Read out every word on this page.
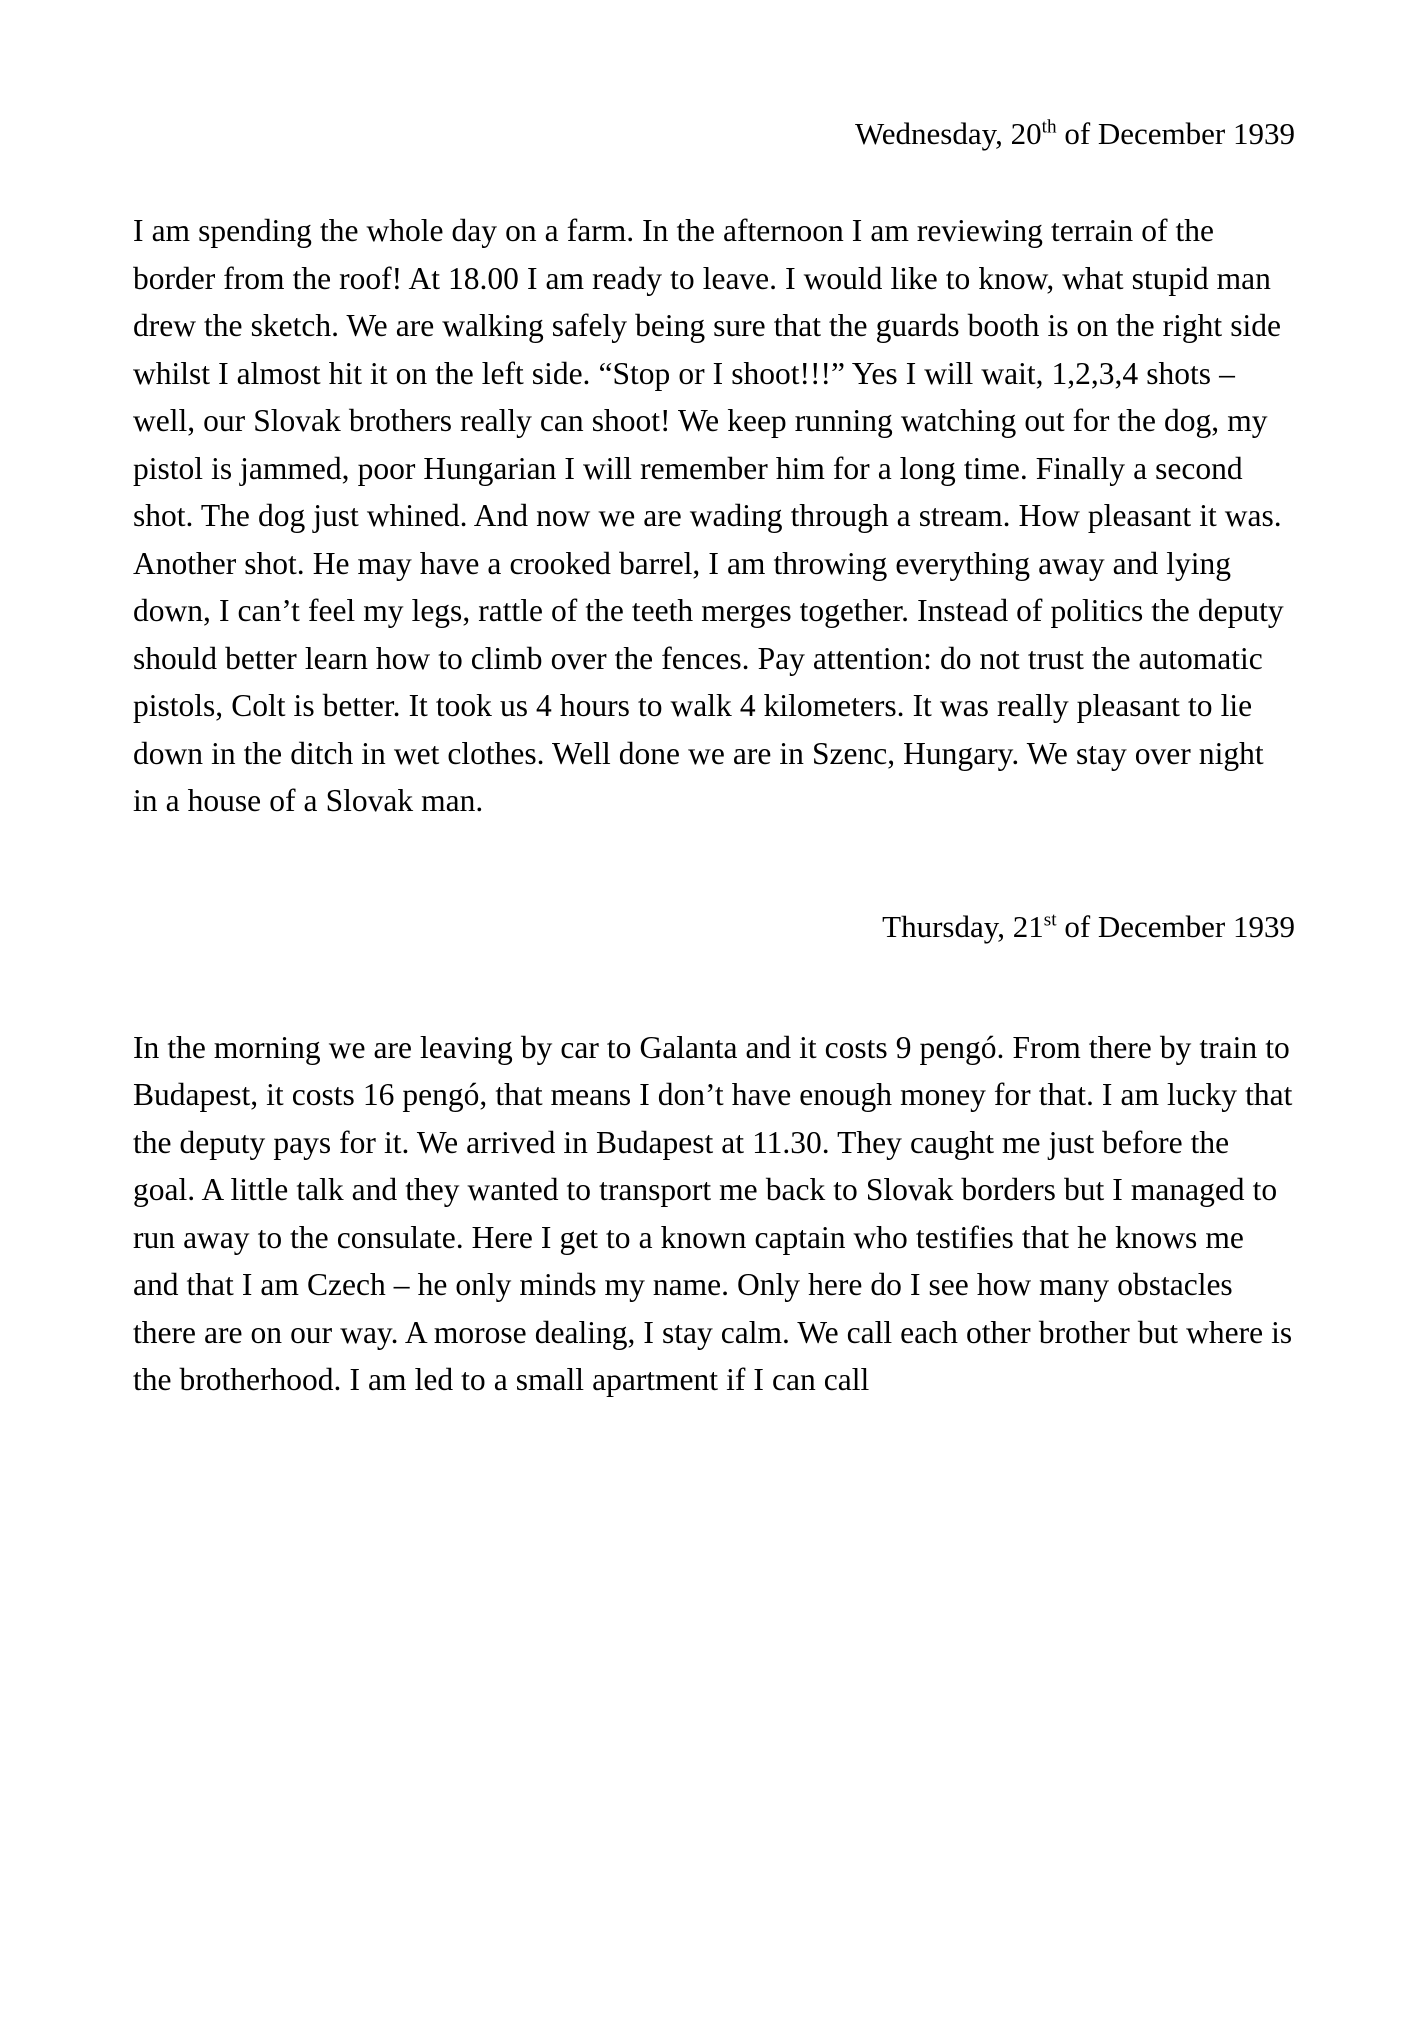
Wednesday, 20th of December 1939

I am spending the whole day on a farm. In the afternoon I am reviewing terrain of the border from the roof! At 18.00 I am ready to leave. I would like to know, what stupid man drew the sketch. We are walking safely being sure that the guards booth is on the right side whilst I almost hit it on the left side. “Stop or I shoot!!!” Yes I will wait, 1,2,3,4 shots – well, our Slovak brothers really can shoot! We keep running watching out for the dog, my pistol is jammed, poor Hungarian I will remember him for a long time. Finally a second shot. The dog just whined. And now we are wading through a stream. How pleasant it was. Another shot. He may have a crooked barrel, I am throwing everything away and lying down, I can’t feel my legs, rattle of the teeth merges together. Instead of politics the deputy should better learn how to climb over the fences. Pay attention: do not trust the automatic pistols, Colt is better. It took us 4 hours to walk 4 kilometers. It was really pleasant to lie down in the ditch in wet clothes. Well done we are in Szenc, Hungary. We stay over night in a house of a Slovak man.

Thursday, 21st of December 1939

In the morning we are leaving by car to Galanta and it costs 9 pengó. From there by train to Budapest, it costs 16 pengó, that means I don’t have enough money for that. I am lucky that the deputy pays for it. We arrived in Budapest at 11.30. They caught me just before the goal. A little talk and they wanted to transport me back to Slovak borders but I managed to run away to the consulate. Here I get to a known captain who testifies that he knows me and that I am Czech – he only minds my name. Only here do I see how many obstacles there are on our way. A morose dealing, I stay calm. We call each other brother but where is the brotherhood. I am led to a small apartment if I can call
